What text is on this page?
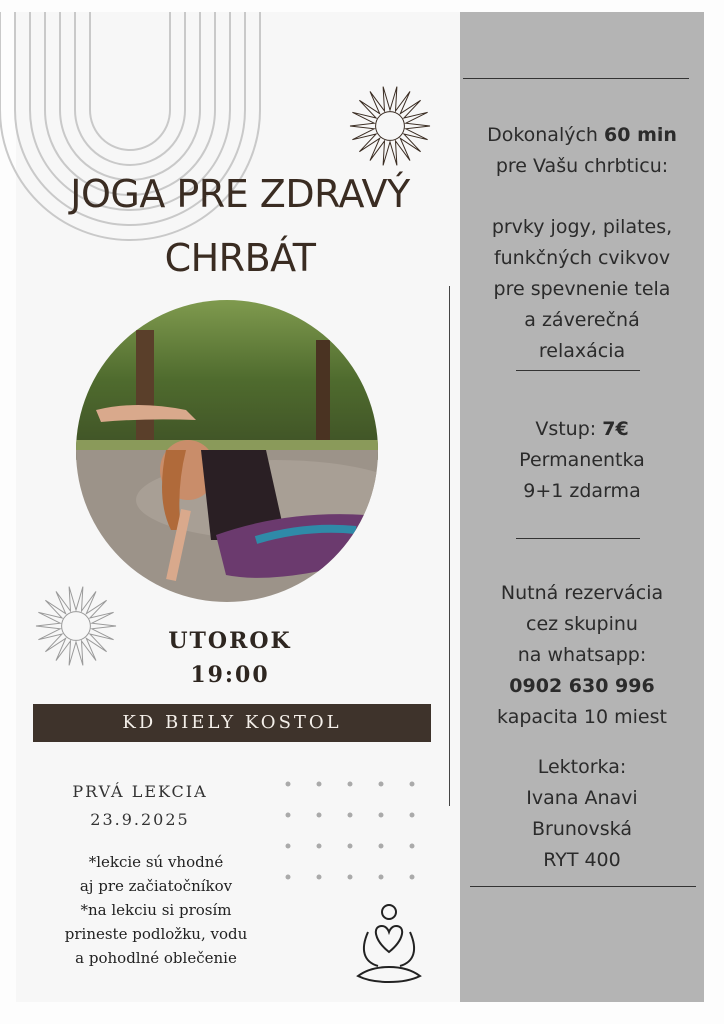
JOGA PRE ZDRAVÝ
CHRBÁT
UTOROK
19:00
KD BIELY KOSTOL
PRVÁ LEKCIA
23.9.2025
*lekcie sú vhodné
aj pre začiatočníkov
*na lekciu si prosím
prineste podložku, vodu
a pohodlné oblečenie
Dokonalých 60 min
pre Vašu chrbticu:
prvky jogy, pilates,
funkčných cvikvov
pre spevnenie tela
a záverečná
relaxácia
Vstup: 7€
Permanentka
9+1 zdarma
Nutná rezervácia
cez skupinu
na whatsapp:
0902 630 996
kapacita 10 miest
Lektorka:
Ivana Anavi
Brunovská
RYT 400
